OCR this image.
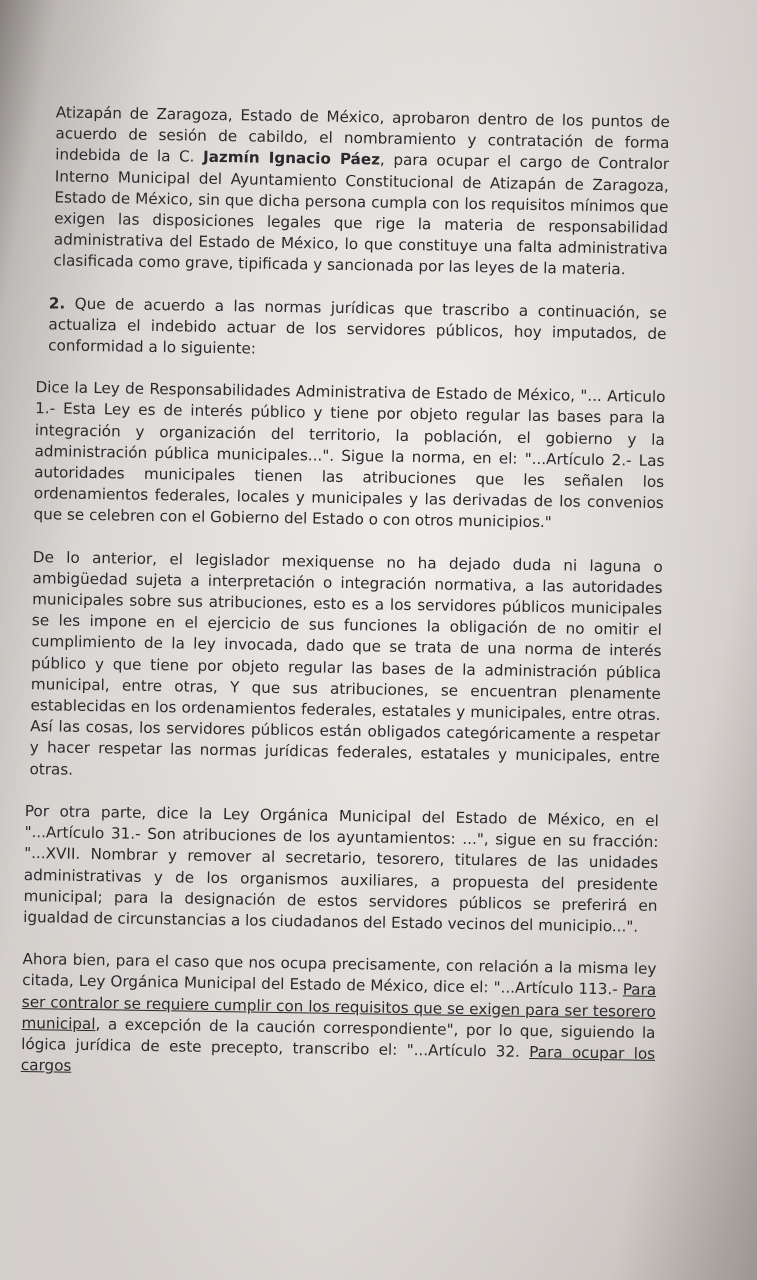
Atizapán de Zaragoza, Estado de México, aprobaron dentro de los puntos de acuerdo de sesión de cabildo, el nombramiento y contratación de forma indebida de la C. Jazmín Ignacio Páez, para ocupar el cargo de Contralor Interno Municipal del Ayuntamiento Constitucional de Atizapán de Zaragoza, Estado de México, sin que dicha persona cumpla con los requisitos mínimos que exigen las disposiciones legales que rige la materia de responsabilidad administrativa del Estado de México, lo que constituye una falta administrativa clasificada como grave, tipificada y sancionada por las leyes de la materia.

2. Que de acuerdo a las normas jurídicas que trascribo a continuación, se actualiza el indebido actuar de los servidores públicos, hoy imputados, de conformidad a lo siguiente:

Dice la Ley de Responsabilidades Administrativa de Estado de México, "... Articulo 1.- Esta Ley es de interés público y tiene por objeto regular las bases para la integración y organización del territorio, la población, el gobierno y la administración pública municipales...". Sigue la norma, en el: "...Artículo 2.- Las autoridades municipales tienen las atribuciones que les señalen los ordenamientos federales, locales y municipales y las derivadas de los convenios que se celebren con el Gobierno del Estado o con otros municipios."

De lo anterior, el legislador mexiquense no ha dejado duda ni laguna o ambigüedad sujeta a interpretación o integración normativa, a las autoridades municipales sobre sus atribuciones, esto es a los servidores públicos municipales se les impone en el ejercicio de sus funciones la obligación de no omitir el cumplimiento de la ley invocada, dado que se trata de una norma de interés público y que tiene por objeto regular las bases de la administración pública municipal, entre otras, Y que sus atribuciones, se encuentran plenamente establecidas en los ordenamientos federales, estatales y municipales, entre otras. Así las cosas, los servidores públicos están obligados categóricamente a respetar y hacer respetar las normas jurídicas federales, estatales y municipales, entre otras.

Por otra parte, dice la Ley Orgánica Municipal del Estado de México, en el "...Artículo 31.- Son atribuciones de los ayuntamientos: ...", sigue en su fracción: "...XVII. Nombrar y remover al secretario, tesorero, titulares de las unidades administrativas y de los organismos auxiliares, a propuesta del presidente municipal; para la designación de estos servidores públicos se preferirá en igualdad de circunstancias a los ciudadanos del Estado vecinos del municipio...".

Ahora bien, para el caso que nos ocupa precisamente, con relación a la misma ley citada, Ley Orgánica Municipal del Estado de México, dice el: "...Artículo 113.- Para ser contralor se requiere cumplir con los requisitos que se exigen para ser tesorero municipal, a excepción de la caución correspondiente", por lo que, siguiendo la lógica jurídica de este precepto, transcribo el: "...Artículo 32. Para ocupar los cargos
